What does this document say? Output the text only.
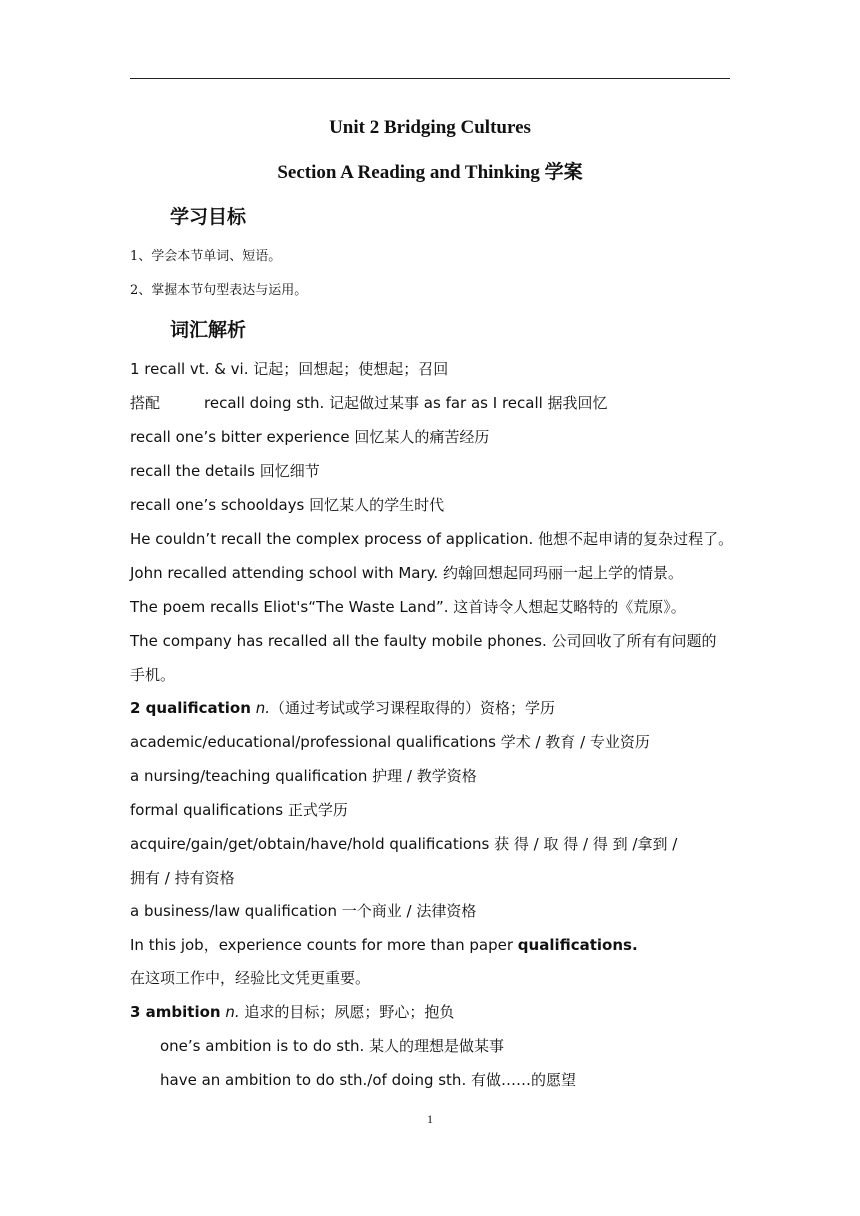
Unit 2 Bridging Cultures
Section A Reading and Thinking 学案
学习目标
1、学会本节单词、短语。
2、掌握本节句型表达与运用。
词汇解析
1 recall vt. & vi. 记起；回想起；使想起；召回
搭配	recall doing sth. 记起做过某事 as far as I recall 据我回忆
recall one’s bitter experience 回忆某人的痛苦经历
recall the details 回忆细节
recall one’s schooldays 回忆某人的学生时代
He couldn’t recall the complex process of application. 他想不起申请的复杂过程了。
John recalled attending school with Mary. 约翰回想起同玛丽一起上学的情景。
The poem recalls Eliot's“The Waste Land”. 这首诗令人想起艾略特的《荒原》。
The company has recalled all the faulty mobile phones. 公司回收了所有有问题的
手机。
2 qualification n.（通过考试或学习课程取得的）资格；学历
academic/educational/professional qualifications 学术 / 教育 / 专业资历
a nursing/teaching qualification 护理 / 教学资格
formal qualifications 正式学历
acquire/gain/get/obtain/have/hold qualifications 获 得 / 取 得 / 得 到 /拿到 /
拥有 / 持有资格
a business/law qualification 一个商业 / 法律资格
In this job，experience counts for more than paper qualifications.
在这项工作中，经验比文凭更重要。
3 ambition n. 追求的目标；夙愿；野心；抱负
one’s ambition is to do sth. 某人的理想是做某事
have an ambition to do sth./of doing sth. 有做……的愿望
1
